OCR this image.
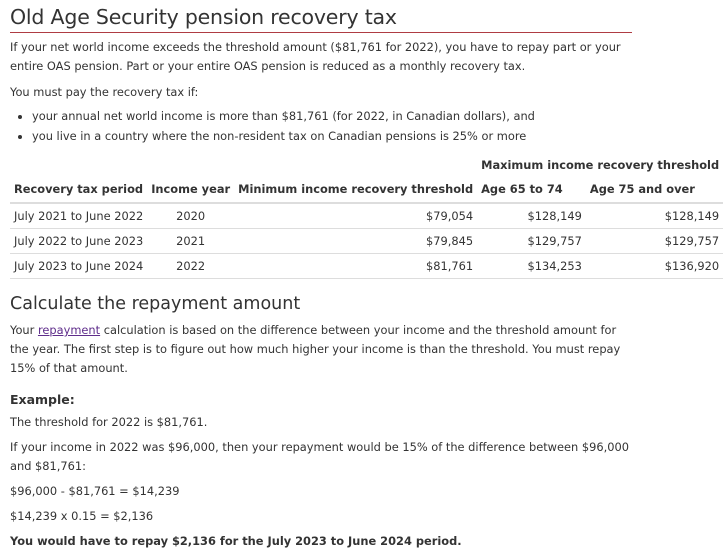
Old Age Security pension recovery tax

If your net world income exceeds the threshold amount ($81,761 for 2022), you have to repay part or your entire OAS pension. Part or your entire OAS pension is reduced as a monthly recovery tax.

You must pay the recovery tax if:

• your annual net world income is more than $81,761 (for 2022, in Canadian dollars), and
• you live in a country where the non-resident tax on Canadian pensions is 25% or more
			Maximum income recovery threshold	
Recovery tax period	Income year	Minimum income recovery threshold	Age 65 to 74	Age 75 and over
July 2021 to June 2022	2020	$79,054	$128,149	$128,149
July 2022 to June 2023	2021	$79,845	$129,757	$129,757
July 2023 to June 2024	2022	$81,761	$134,253	$136,920
Calculate the repayment amount

Your repayment calculation is based on the difference between your income and the threshold amount for the year. The first step is to figure out how much higher your income is than the threshold. You must repay 15% of that amount.

Example:

The threshold for 2022 is $81,761.

If your income in 2022 was $96,000, then your repayment would be 15% of the difference between $96,000 and $81,761:

$96,000 - $81,761 = $14,239

$14,239 x 0.15 = $2,136

You would have to repay $2,136 for the July 2023 to June 2024 period.
